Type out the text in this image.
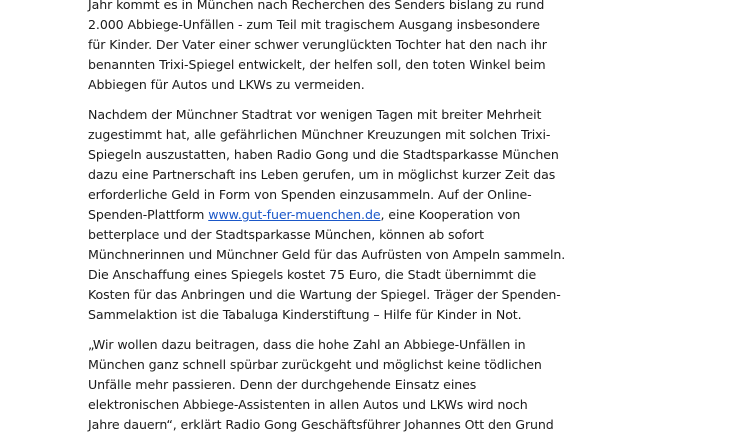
Jahr kommt es in München nach Recherchen des Senders bislang zu rund
2.000 Abbiege-Unfällen - zum Teil mit tragischem Ausgang insbesondere
für Kinder. Der Vater einer schwer verunglückten Tochter hat den nach ihr
benannten Trixi-Spiegel entwickelt, der helfen soll, den toten Winkel beim
Abbiegen für Autos und LKWs zu vermeiden.

Nachdem der Münchner Stadtrat vor wenigen Tagen mit breiter Mehrheit
zugestimmt hat, alle gefährlichen Münchner Kreuzungen mit solchen Trixi-
Spiegeln auszustatten, haben Radio Gong und die Stadtsparkasse München
dazu eine Partnerschaft ins Leben gerufen, um in möglichst kurzer Zeit das
erforderliche Geld in Form von Spenden einzusammeln. Auf der Online-
Spenden-Plattform www.gut-fuer-muenchen.de, eine Kooperation von
betterplace und der Stadtsparkasse München, können ab sofort
Münchnerinnen und Münchner Geld für das Aufrüsten von Ampeln sammeln.
Die Anschaffung eines Spiegels kostet 75 Euro, die Stadt übernimmt die
Kosten für das Anbringen und die Wartung der Spiegel. Träger der Spenden-
Sammelaktion ist die Tabaluga Kinderstiftung – Hilfe für Kinder in Not.

„Wir wollen dazu beitragen, dass die hohe Zahl an Abbiege-Unfällen in
München ganz schnell spürbar zurückgeht und möglichst keine tödlichen
Unfälle mehr passieren. Denn der durchgehende Einsatz eines
elektronischen Abbiege-Assistenten in allen Autos und LKWs wird noch
Jahre dauern“, erklärt Radio Gong Geschäftsführer Johannes Ott den Grund
